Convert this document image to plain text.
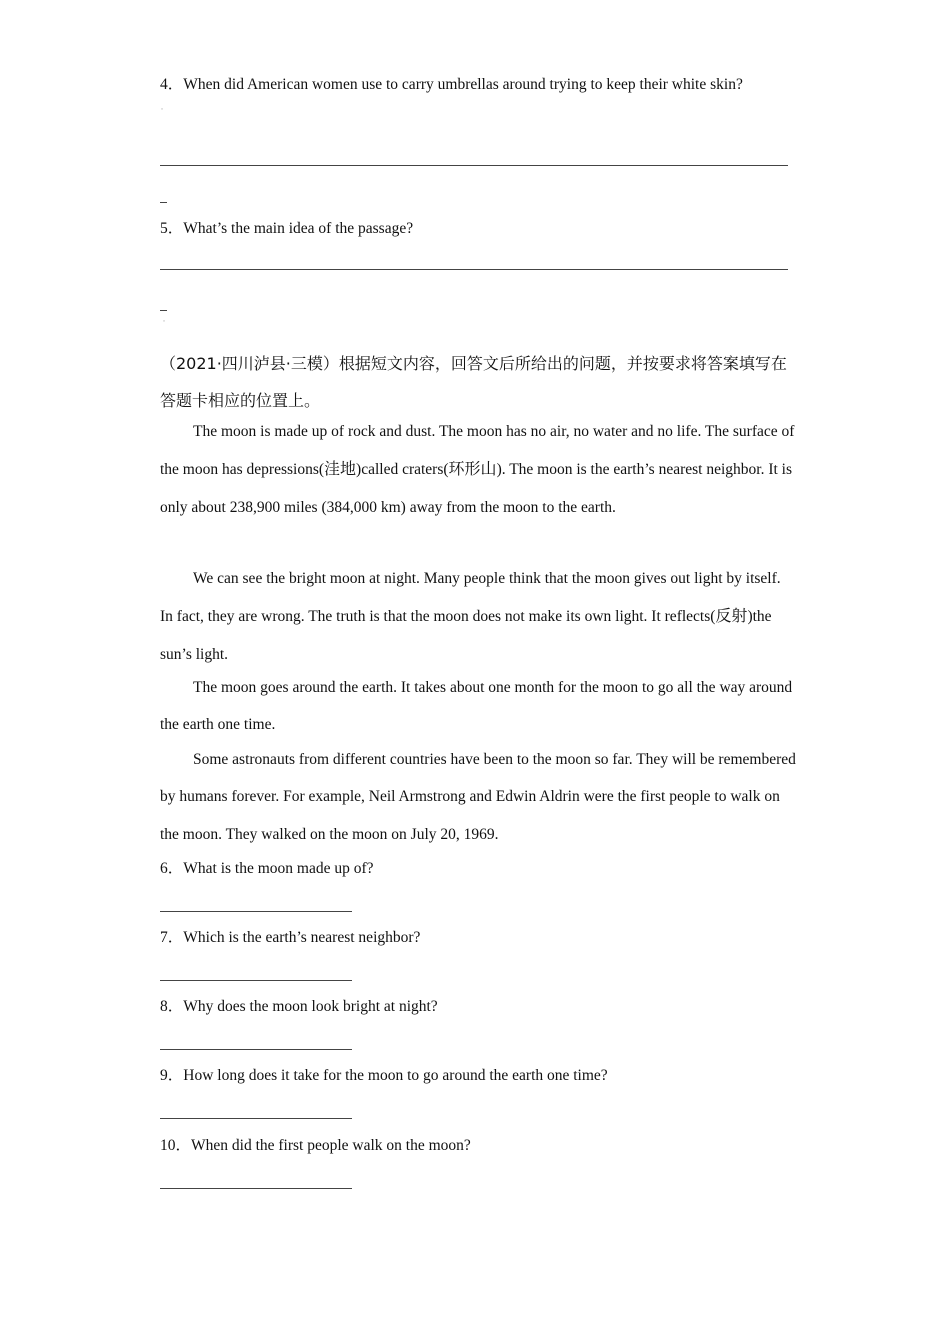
4．When did American women use to carry umbrellas around trying to keep their white skin?
˙
5．What’s the main idea of the passage?
˙
（2021·四川泸县·三模）根据短文内容，回答文后所给出的问题，并按要求将答案填写在答题卡相应的位置上。
The moon is made up of rock and dust. The moon has no air, no water and no life. The surface of the moon has depressions(洼地)called craters(环形山). The moon is the earth’s nearest neighbor. It is only about 238,900 miles (384,000 km) away from the moon to the earth.
We can see the bright moon at night. Many people think that the moon gives out light by itself. In fact, they are wrong. The truth is that the moon does not make its own light. It reflects(反射)the sun’s light.
The moon goes around the earth. It takes about one month for the moon to go all the way around the earth one time.
Some astronauts from different countries have been to the moon so far. They will be remembered by humans forever. For example, Neil Armstrong and Edwin Aldrin were the first people to walk on the moon. They walked on the moon on July 20, 1969.
6．What is the moon made up of?
7．Which is the earth’s nearest neighbor?
8．Why does the moon look bright at night?
9．How long does it take for the moon to go around the earth one time?
10．When did the first people walk on the moon?
